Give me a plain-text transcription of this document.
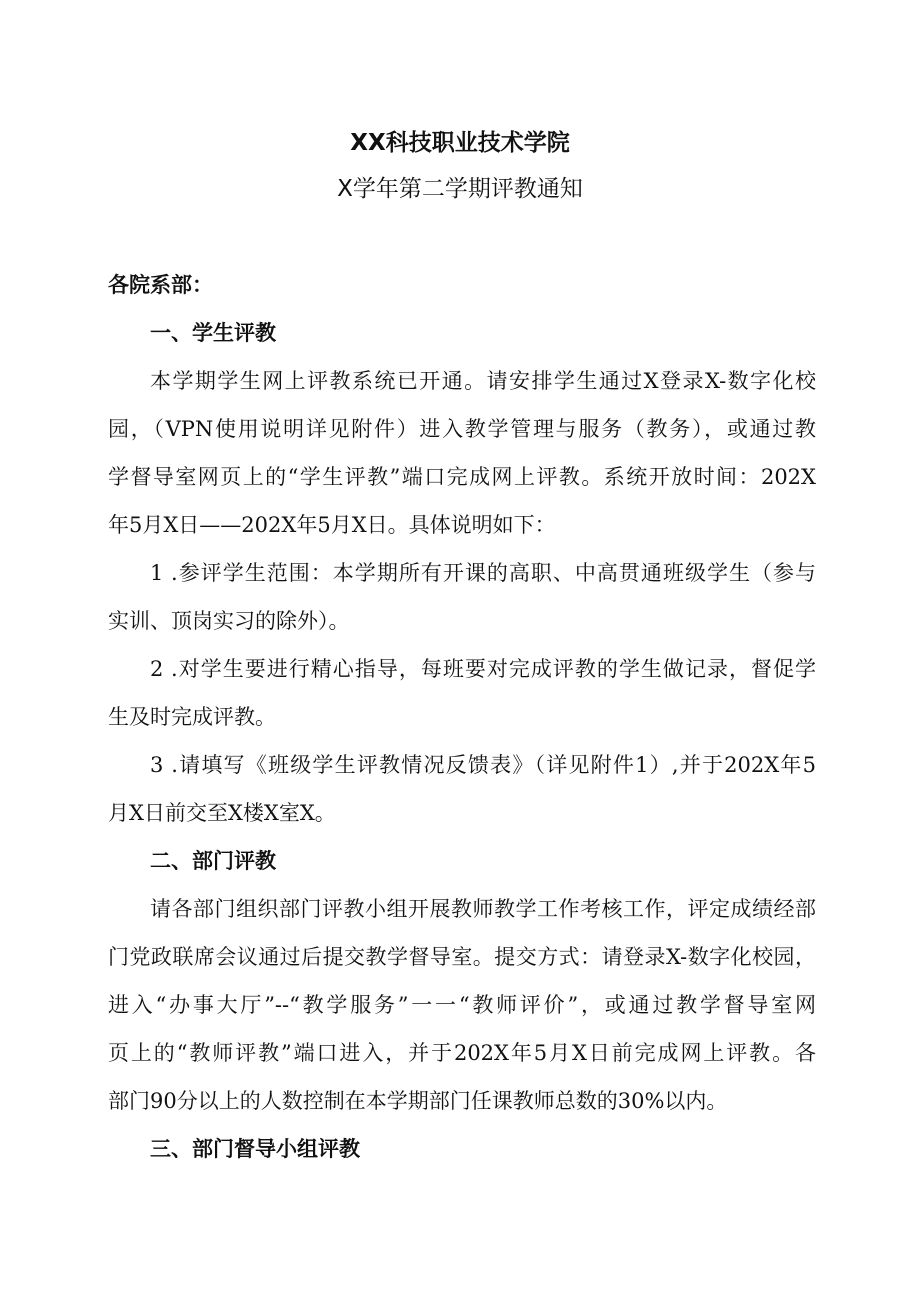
XX科技职业技术学院
X学年第二学期评教通知
各院系部：
一、学生评教
本学期学生网上评教系统已开通。请安排学生通过X登录X-数字化校
园，（VPN使用说明详见附件）进入教学管理与服务（教务），或通过教
学督导室网页上的“学生评教”端口完成网上评教。系统开放时间：202X
年5月X日——202X年5月X日。具体说明如下：
1 .参评学生范围：本学期所有开课的高职、中高贯通班级学生（参与
实训、顶岗实习的除外）。
2 .对学生要进行精心指导，每班要对完成评教的学生做记录，督促学
生及时完成评教。
3 .请填写《班级学生评教情况反馈表》（详见附件1）,并于202X年5
月X日前交至X楼X室X。
二、部门评教
请各部门组织部门评教小组开展教师教学工作考核工作，评定成绩经部
门党政联席会议通过后提交教学督导室。提交方式：请登录X-数字化校园，
进入“办事大厅”--“教学服务”一一“教师评价”，或通过教学督导室网
页上的“教师评教”端口进入，并于202X年5月X日前完成网上评教。各
部门90分以上的人数控制在本学期部门任课教师总数的30%以内。
三、部门督导小组评教
